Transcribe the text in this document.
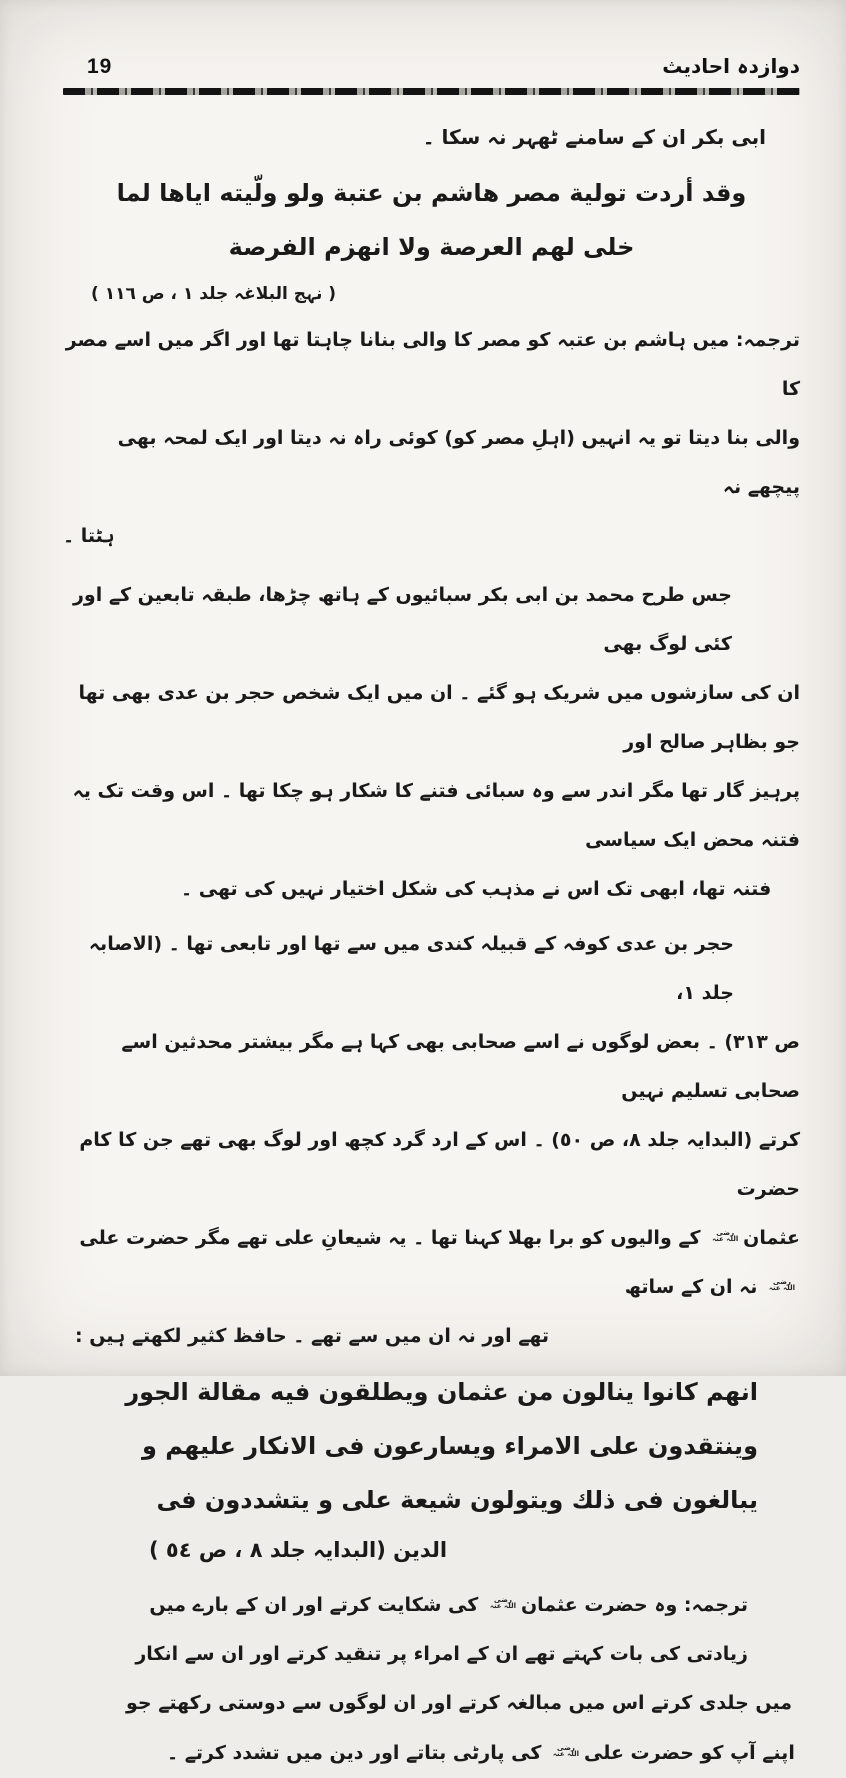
19	دوازدہ احادیث
ابی بکر ان کے سامنے ٹھہر نہ سکا ۔
وقد أردت تولية مصر هاشم بن عتبة ولو ولّيته اياها لما
خلى لهم العرصة ولا انهزم الفرصة
( نہج البلاغہ جلد ١ ، ص ١١٦ )
ترجمہ: میں ہاشم بن عتبہ کو مصر کا والی بنانا چاہتا تھا اور اگر میں اسے مصر کا
والی بنا دیتا تو یہ انہیں (اہلِ مصر کو) کوئی راہ نہ دیتا اور ایک لمحہ بھی پیچھے نہ
ہٹتا ۔
جس طرح محمد بن ابی بکر سبائیوں کے ہاتھ چڑھا، طبقہ تابعین کے اور کئی لوگ بھی
ان کی سازشوں میں شریک ہو گئے ۔ ان میں ایک شخص حجر بن عدی بھی تھا جو بظاہر صالح اور
پرہیز گار تھا مگر اندر سے وہ سبائی فتنے کا شکار ہو چکا تھا ۔ اس وقت تک یہ فتنہ محض ایک سیاسی
فتنہ تھا، ابھی تک اس نے مذہب کی شکل اختیار نہیں کی تھی ۔
حجر بن عدی کوفہ کے قبیلہ کندی میں سے تھا اور تابعی تھا ۔ (الاصابہ جلد ١،
ص ٣١٣) ۔ بعض لوگوں نے اسے صحابی بھی کہا ہے مگر بیشتر محدثین اسے صحابی تسلیم نہیں
کرتے (البدایہ جلد ٨، ص ٥٠) ۔ اس کے ارد گرد کچھ اور لوگ بھی تھے جن کا کام حضرت
عثمانرضی اللہ عنہ کے والیوں کو برا بھلا کہنا تھا ۔ یہ شیعانِ علی تھے مگر حضرت علیرضی اللہ عنہ نہ ان کے ساتھ
تھے اور نہ ان میں سے تھے ۔ حافظ کثیر لکھتے ہیں :
انهم كانوا ينالون من عثمان ويطلقون فيه مقالة الجور
وينتقدون على الامراء ويسارعون فى الانكار عليهم و
يبالغون فى ذلك ويتولون شيعة على و يتشددون فى
الدين (البدايہ جلد ٨ ، ص ٥٤ )
ترجمہ: وہ حضرت عثمانرضی اللہ عنہ کی شکایت کرتے اور ان کے بارے میں
زیادتی کی بات کہتے تھے ان کے امراء پر تنقید کرتے اور ان سے انکار
میں جلدی کرتے اس میں مبالغہ کرتے اور ان لوگوں سے دوستی رکھتے جو
اپنے آپ کو حضرت علیرضی اللہ عنہ کی پارٹی بتاتے اور دین میں تشدد کرتے ۔
